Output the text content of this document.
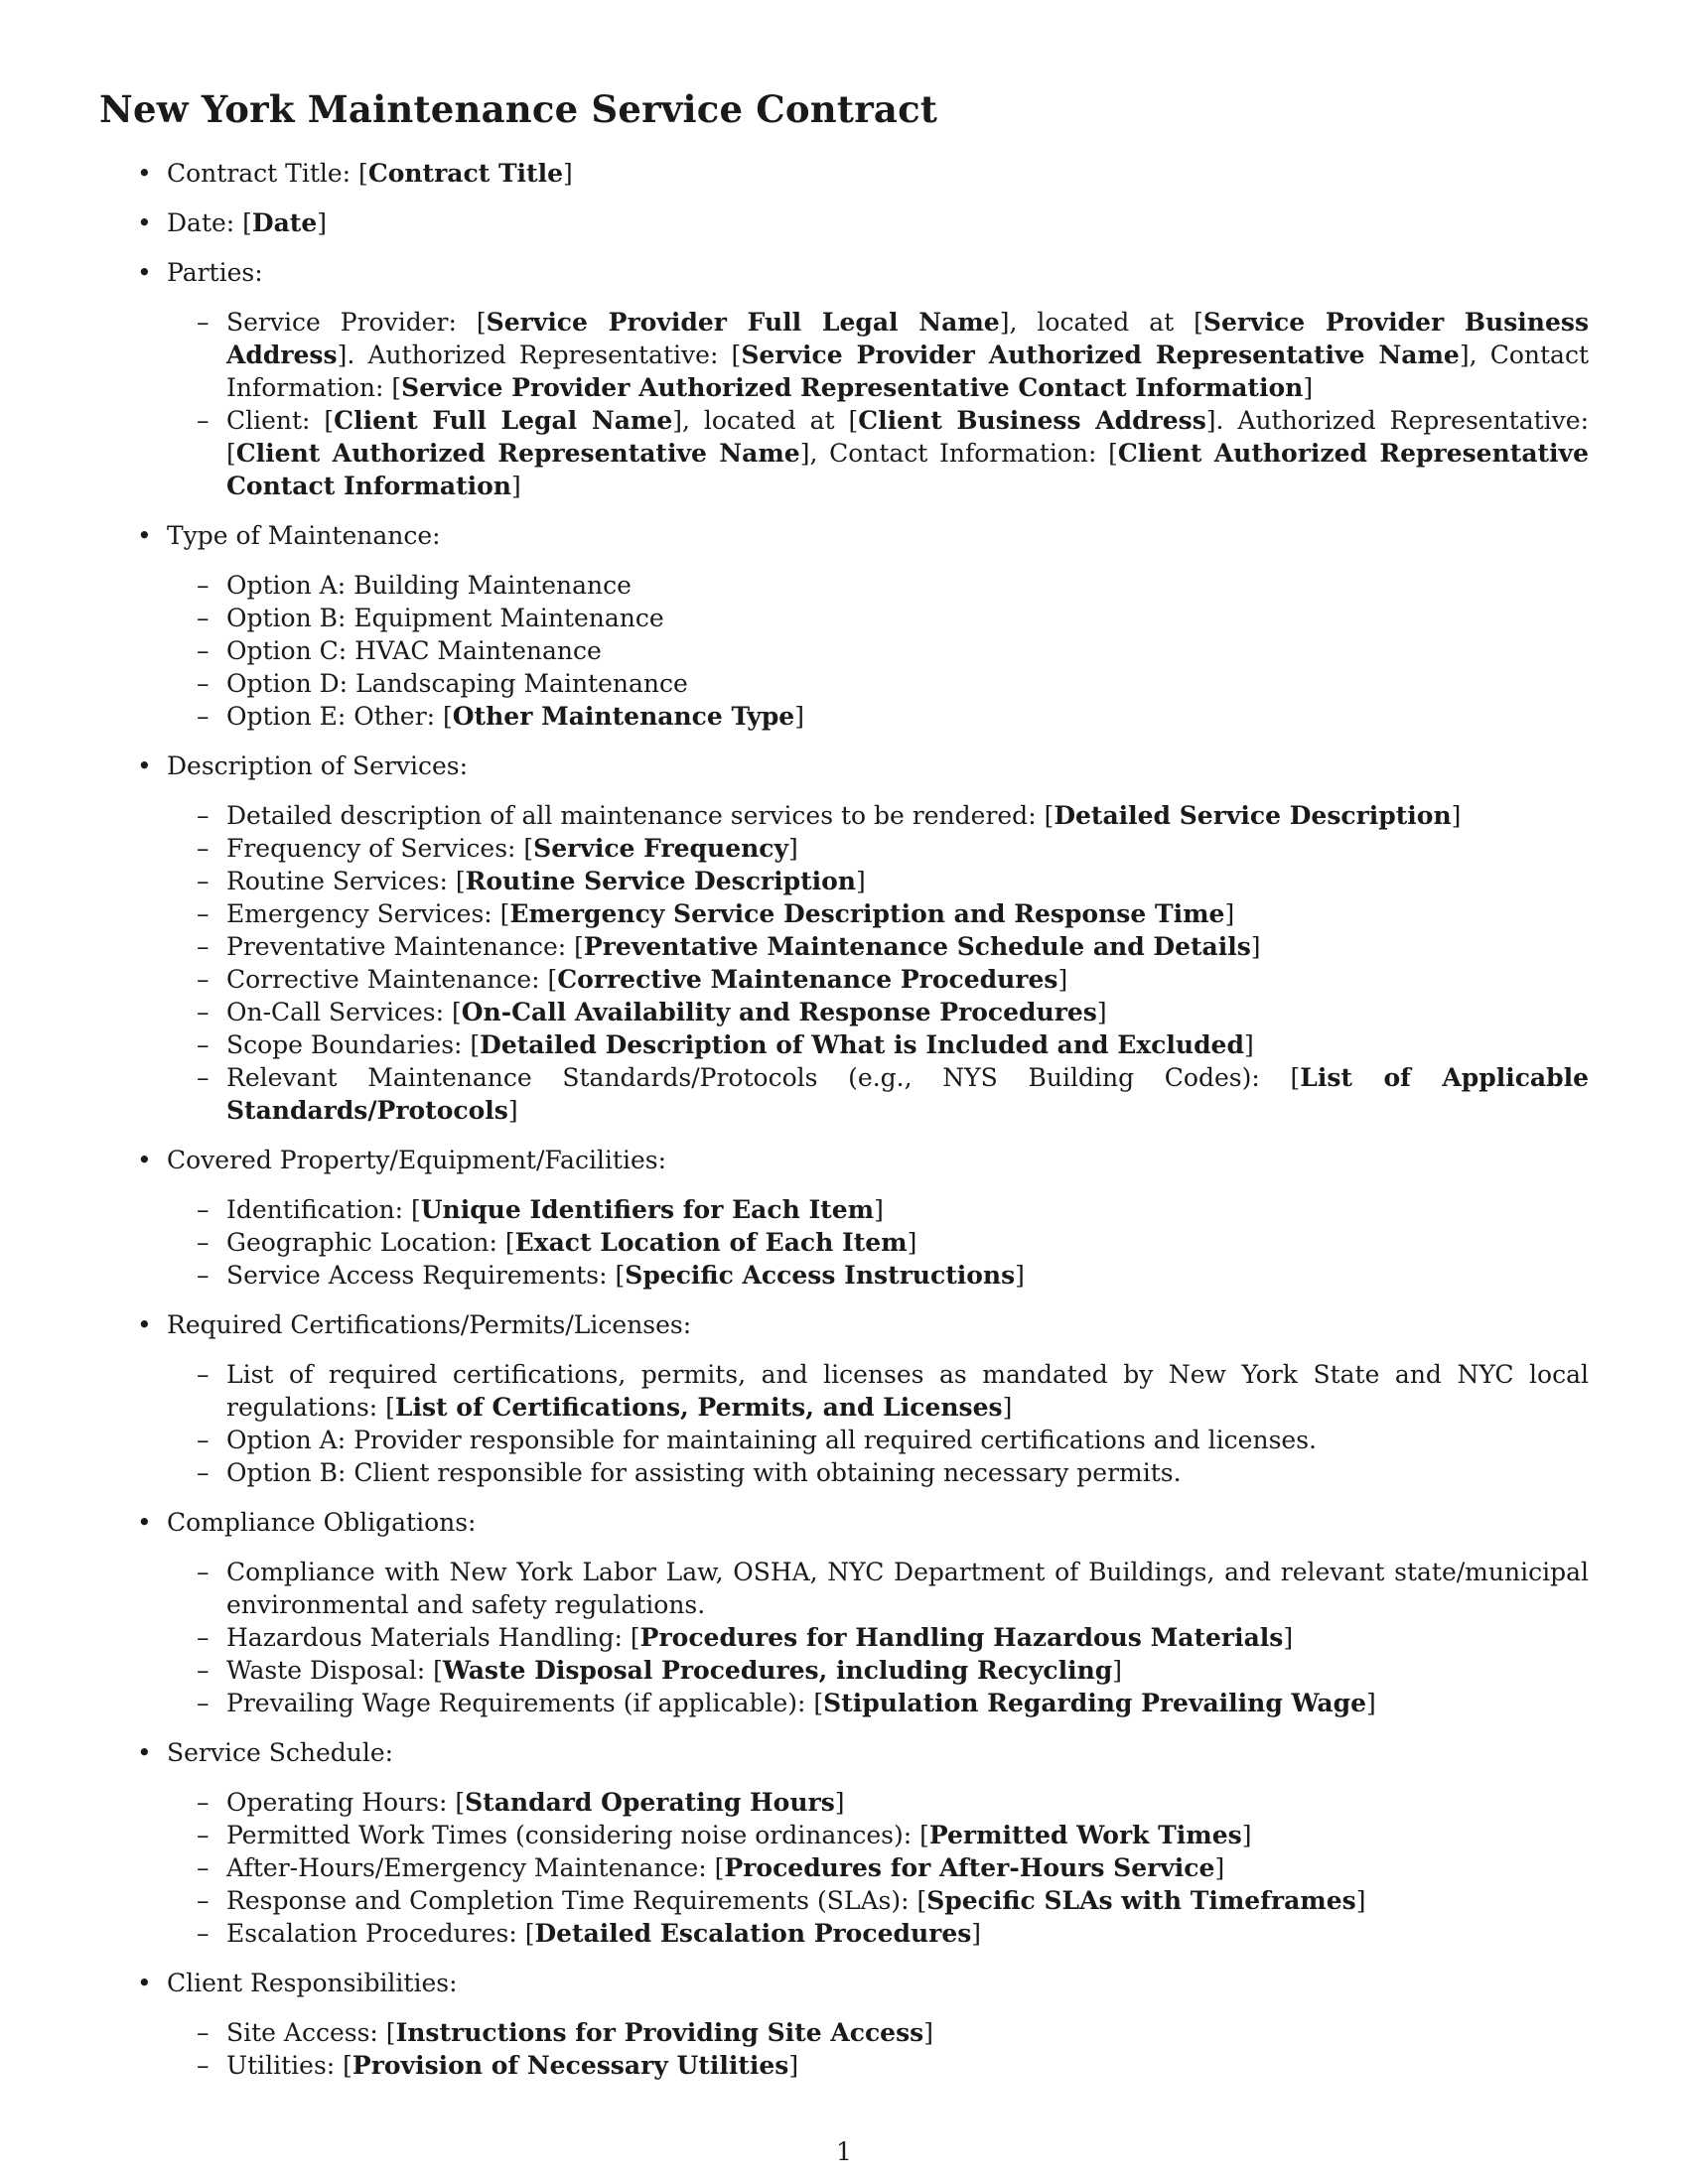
New York Maintenance Service Contract
• Contract Title: [Contract Title]
• Date: [Date]
• Parties:
– Service Provider: [Service Provider Full Legal Name], located at [Service Provider Business Address]. Authorized Representative: [Service Provider Authorized Representative Name], Contact Information: [Service Provider Authorized Representative Contact Information]
– Client: [Client Full Legal Name], located at [Client Business Address]. Authorized Representative: [Client Authorized Representative Name], Contact Information: [Client Authorized Representative Contact Information]
• Type of Maintenance:
– Option A: Building Maintenance
– Option B: Equipment Maintenance
– Option C: HVAC Maintenance
– Option D: Landscaping Maintenance
– Option E: Other: [Other Maintenance Type]
• Description of Services:
– Detailed description of all maintenance services to be rendered: [Detailed Service Description]
– Frequency of Services: [Service Frequency]
– Routine Services: [Routine Service Description]
– Emergency Services: [Emergency Service Description and Response Time]
– Preventative Maintenance: [Preventative Maintenance Schedule and Details]
– Corrective Maintenance: [Corrective Maintenance Procedures]
– On-Call Services: [On-Call Availability and Response Procedures]
– Scope Boundaries: [Detailed Description of What is Included and Excluded]
– Relevant Maintenance Standards/Protocols (e.g., NYS Building Codes): [List of Applicable Standards/Protocols]
• Covered Property/Equipment/Facilities:
– Identification: [Unique Identifiers for Each Item]
– Geographic Location: [Exact Location of Each Item]
– Service Access Requirements: [Specific Access Instructions]
• Required Certifications/Permits/Licenses:
– List of required certifications, permits, and licenses as mandated by New York State and NYC local regulations: [List of Certifications, Permits, and Licenses]
– Option A: Provider responsible for maintaining all required certifications and licenses.
– Option B: Client responsible for assisting with obtaining necessary permits.
• Compliance Obligations:
– Compliance with New York Labor Law, OSHA, NYC Department of Buildings, and relevant state/municipal environmental and safety regulations.
– Hazardous Materials Handling: [Procedures for Handling Hazardous Materials]
– Waste Disposal: [Waste Disposal Procedures, including Recycling]
– Prevailing Wage Requirements (if applicable): [Stipulation Regarding Prevailing Wage]
• Service Schedule:
– Operating Hours: [Standard Operating Hours]
– Permitted Work Times (considering noise ordinances): [Permitted Work Times]
– After-Hours/Emergency Maintenance: [Procedures for After-Hours Service]
– Response and Completion Time Requirements (SLAs): [Specific SLAs with Timeframes]
– Escalation Procedures: [Detailed Escalation Procedures]
• Client Responsibilities:
– Site Access: [Instructions for Providing Site Access]
– Utilities: [Provision of Necessary Utilities]
1
